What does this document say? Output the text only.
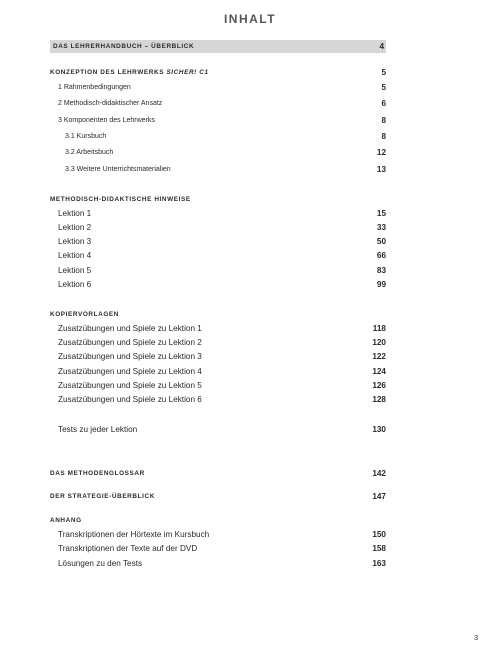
INHALT
DAS LEHRERHANDBUCH – ÜBERBLICK	4
KONZEPTION DES LEHRWERKS SICHER! C1	5
1 Rahmenbedingungen	5
2 Methodisch-didaktischer Ansatz	6
3 Komponenten des Lehrwerks	8
3.1 Kursbuch	8
3.2 Arbeitsbuch	12
3.3 Weitere Unterrichtsmaterialien	13
METHODISCH-DIDAKTISCHE HINWEISE
Lektion 1	15
Lektion 2	33
Lektion 3	50
Lektion 4	66
Lektion 5	83
Lektion 6	99
KOPIERVORLAGEN
Zusatzübungen und Spiele zu Lektion 1	118
Zusatzübungen und Spiele zu Lektion 2	120
Zusatzübungen und Spiele zu Lektion 3	122
Zusatzübungen und Spiele zu Lektion 4	124
Zusatzübungen und Spiele zu Lektion 5	126
Zusatzübungen und Spiele zu Lektion 6	128
Tests zu jeder Lektion	130
DAS METHODENGLOSSAR	142
DER STRATEGIE-ÜBERBLICK	147
ANHANG
Transkriptionen der Hörtexte im Kursbuch	150
Transkriptionen der Texte auf der DVD	158
Lösungen zu den Tests	163
3
